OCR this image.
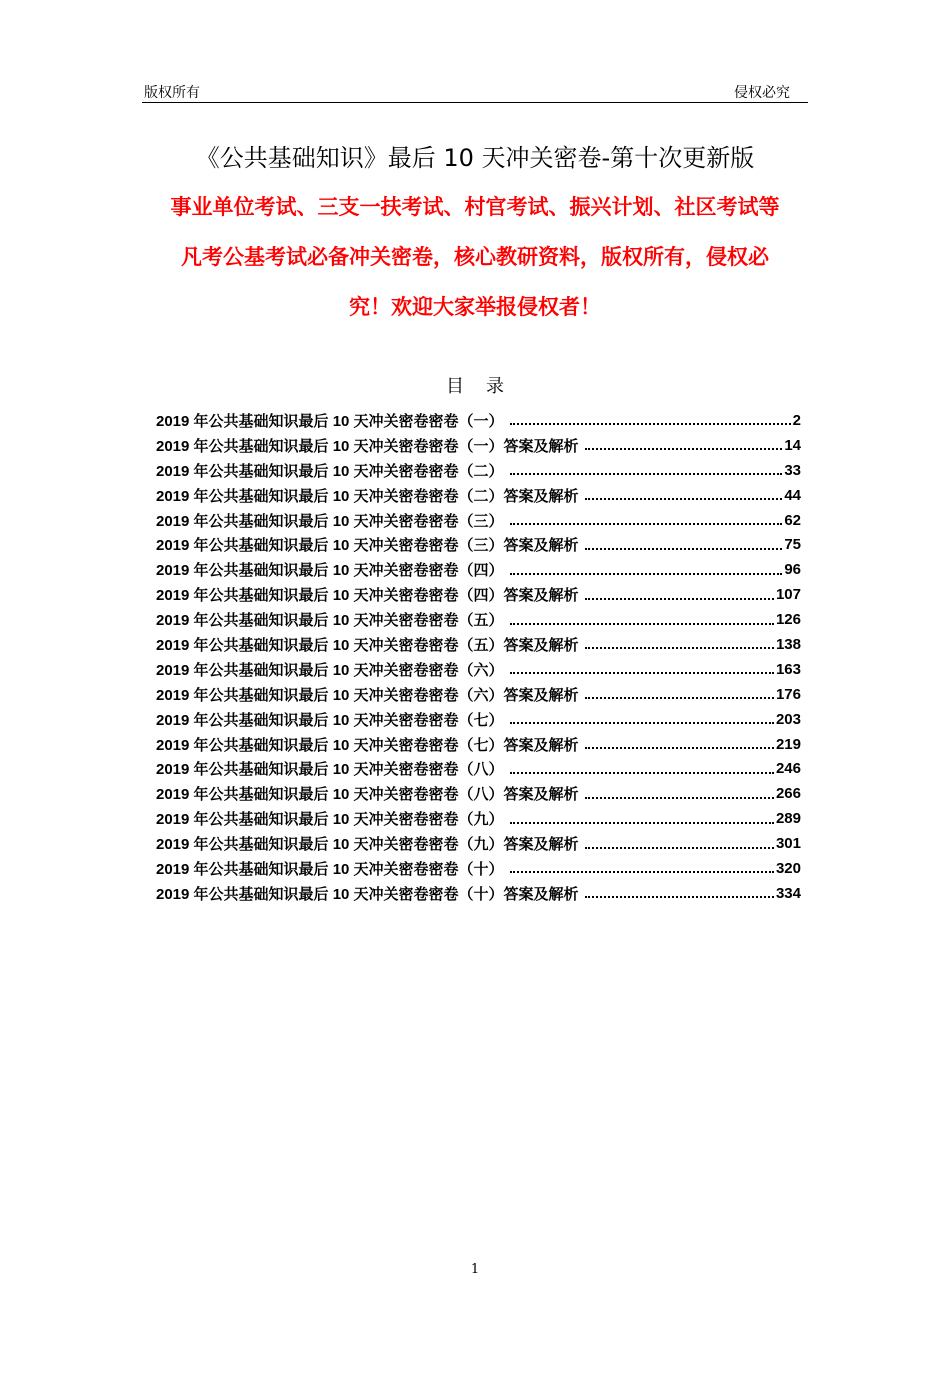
版权所有	侵权必究
《公共基础知识》最后 10 天冲关密卷-第十次更新版
事业单位考试、三支一扶考试、村官考试、振兴计划、社区考试等
凡考公基考试必备冲关密卷，核心教研资料，版权所有，侵权必
究！欢迎大家举报侵权者！
目录
2019 年公共基础知识最后 10 天冲关密卷密卷（一）	2
2019 年公共基础知识最后 10 天冲关密卷密卷（一）答案及解析	14
2019 年公共基础知识最后 10 天冲关密卷密卷（二）	33
2019 年公共基础知识最后 10 天冲关密卷密卷（二）答案及解析	44
2019 年公共基础知识最后 10 天冲关密卷密卷（三）	62
2019 年公共基础知识最后 10 天冲关密卷密卷（三）答案及解析	75
2019 年公共基础知识最后 10 天冲关密卷密卷（四）	96
2019 年公共基础知识最后 10 天冲关密卷密卷（四）答案及解析	107
2019 年公共基础知识最后 10 天冲关密卷密卷（五）	126
2019 年公共基础知识最后 10 天冲关密卷密卷（五）答案及解析	138
2019 年公共基础知识最后 10 天冲关密卷密卷（六）	163
2019 年公共基础知识最后 10 天冲关密卷密卷（六）答案及解析	176
2019 年公共基础知识最后 10 天冲关密卷密卷（七）	203
2019 年公共基础知识最后 10 天冲关密卷密卷（七）答案及解析	219
2019 年公共基础知识最后 10 天冲关密卷密卷（八）	246
2019 年公共基础知识最后 10 天冲关密卷密卷（八）答案及解析	266
2019 年公共基础知识最后 10 天冲关密卷密卷（九）	289
2019 年公共基础知识最后 10 天冲关密卷密卷（九）答案及解析	301
2019 年公共基础知识最后 10 天冲关密卷密卷（十）	320
2019 年公共基础知识最后 10 天冲关密卷密卷（十）答案及解析	334
1
